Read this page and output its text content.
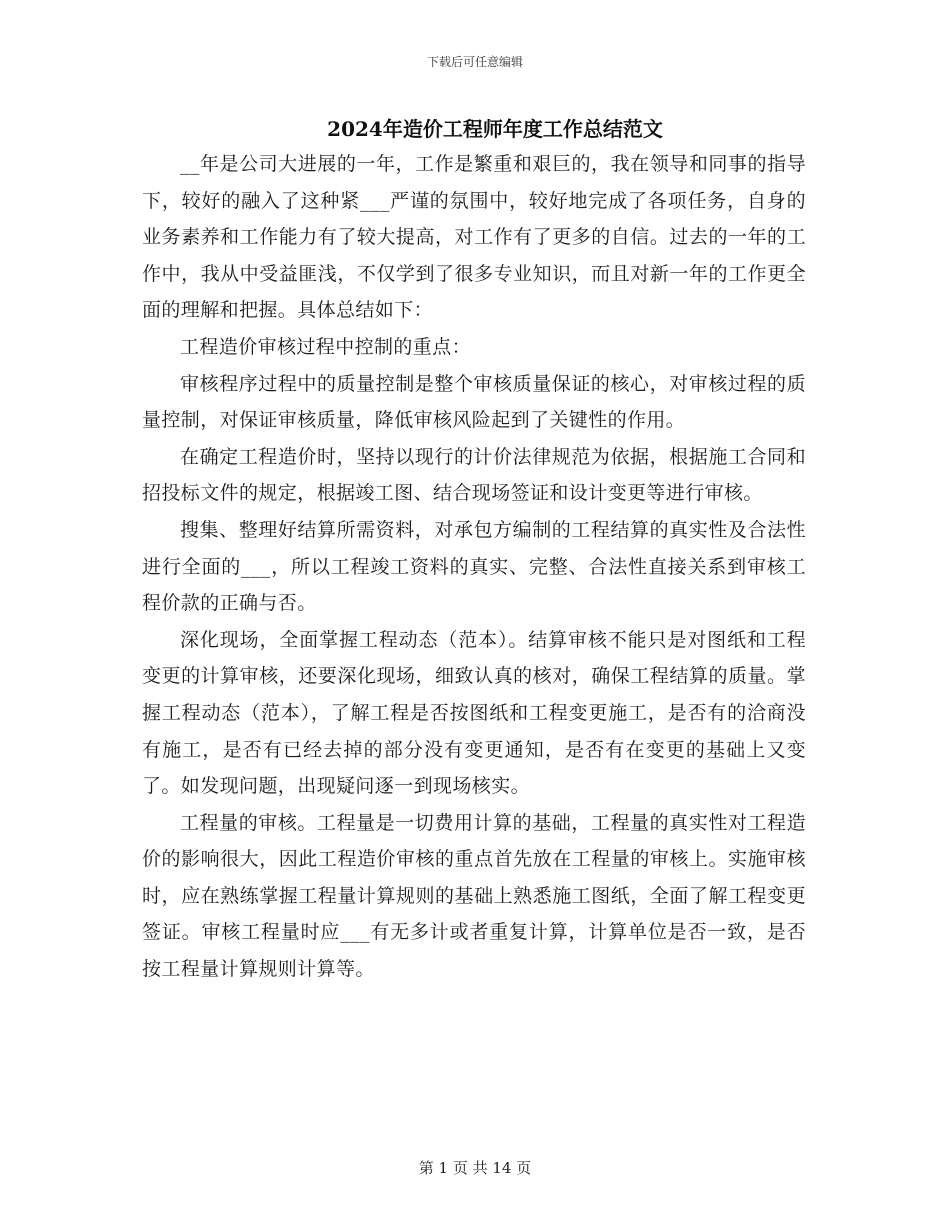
下载后可任意编辑
2024年造价工程师年度工作总结范文

__年是公司大进展的一年，工作是繁重和艰巨的，我在领导和同事的指导下，较好的融入了这种紧___严谨的氛围中，较好地完成了各项任务，自身的业务素养和工作能力有了较大提高，对工作有了更多的自信。过去的一年的工作中，我从中受益匪浅，不仅学到了很多专业知识，而且对新一年的工作更全面的理解和把握。具体总结如下：

工程造价审核过程中控制的重点：

审核程序过程中的质量控制是整个审核质量保证的核心，对审核过程的质量控制，对保证审核质量，降低审核风险起到了关键性的作用。

在确定工程造价时，坚持以现行的计价法律规范为依据，根据施工合同和招投标文件的规定，根据竣工图、结合现场签证和设计变更等进行审核。

搜集、整理好结算所需资料，对承包方编制的工程结算的真实性及合法性进行全面的___，所以工程竣工资料的真实、完整、合法性直接关系到审核工程价款的正确与否。

深化现场，全面掌握工程动态（范本）。结算审核不能只是对图纸和工程变更的计算审核，还要深化现场，细致认真的核对，确保工程结算的质量。掌握工程动态（范本），了解工程是否按图纸和工程变更施工，是否有的洽商没有施工，是否有已经去掉的部分没有变更通知，是否有在变更的基础上又变了。如发现问题，出现疑问逐一到现场核实。

工程量的审核。工程量是一切费用计算的基础，工程量的真实性对工程造价的影响很大，因此工程造价审核的重点首先放在工程量的审核上。实施审核时，应在熟练掌握工程量计算规则的基础上熟悉施工图纸，全面了解工程变更签证。审核工程量时应___有无多计或者重复计算，计算单位是否一致，是否按工程量计算规则计算等。

第 1 页 共 14 页
